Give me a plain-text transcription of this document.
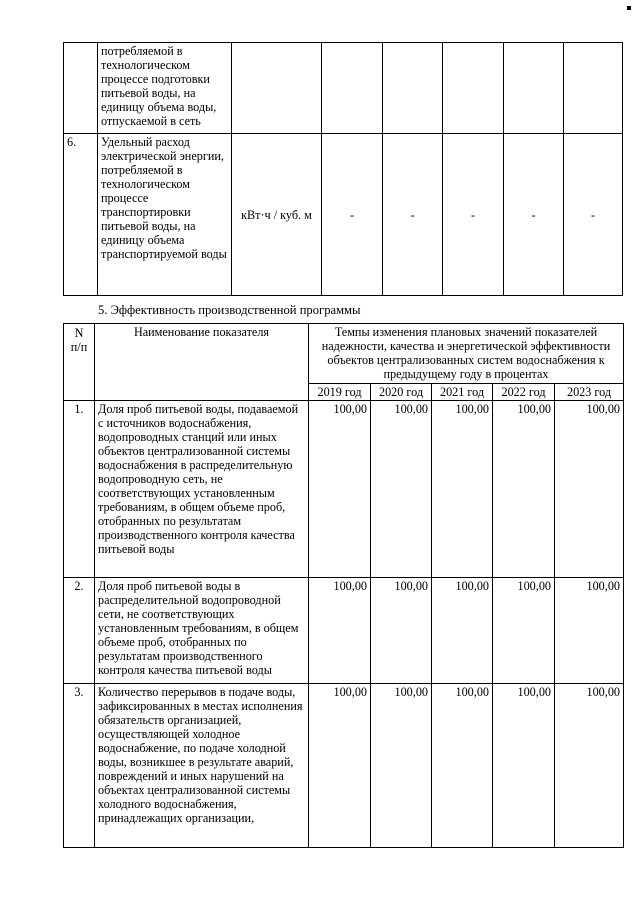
	потребляемой в технологическом процессе подготовки питьевой воды, на единицу объема воды, отпускаемой в сеть						
6.	Удельный расход электрической энергии, потребляемой в технологическом процессе транспортировки питьевой воды, на единицу объема транспортируемой воды	кВт·ч / куб. м	-	-	-	-	-
5. Эффективность производственной программы
N п/п	Наименование показателя	Темпы изменения плановых значений показателей надежности, качества и энергетической эффективности объектов централизованных систем водоснабжения к предыдущему году в процентах				
		2019 год	2020 год	2021 год	2022 год	2023 год
1.	Доля проб питьевой воды, подаваемой с источников водоснабжения, водопроводных станций или иных объектов централизованной системы водоснабжения в распределительную водопроводную сеть, не соответствующих установленным требованиям, в общем объеме проб, отобранных по результатам производственного контроля качества питьевой воды	100,00	100,00	100,00	100,00	100,00
2.	Доля проб питьевой воды в распределительной водопроводной сети, не соответствующих установленным требованиям, в общем объеме проб, отобранных по результатам производственного контроля качества питьевой воды	100,00	100,00	100,00	100,00	100,00
3.	Количество перерывов в подаче воды, зафиксированных в местах исполнения обязательств организацией, осуществляющей холодное водоснабжение, по подаче холодной воды, возникшее в результате аварий, повреждений и иных нарушений на объектах централизованной системы холодного водоснабжения, принадлежащих организации,	100,00	100,00	100,00	100,00	100,00
